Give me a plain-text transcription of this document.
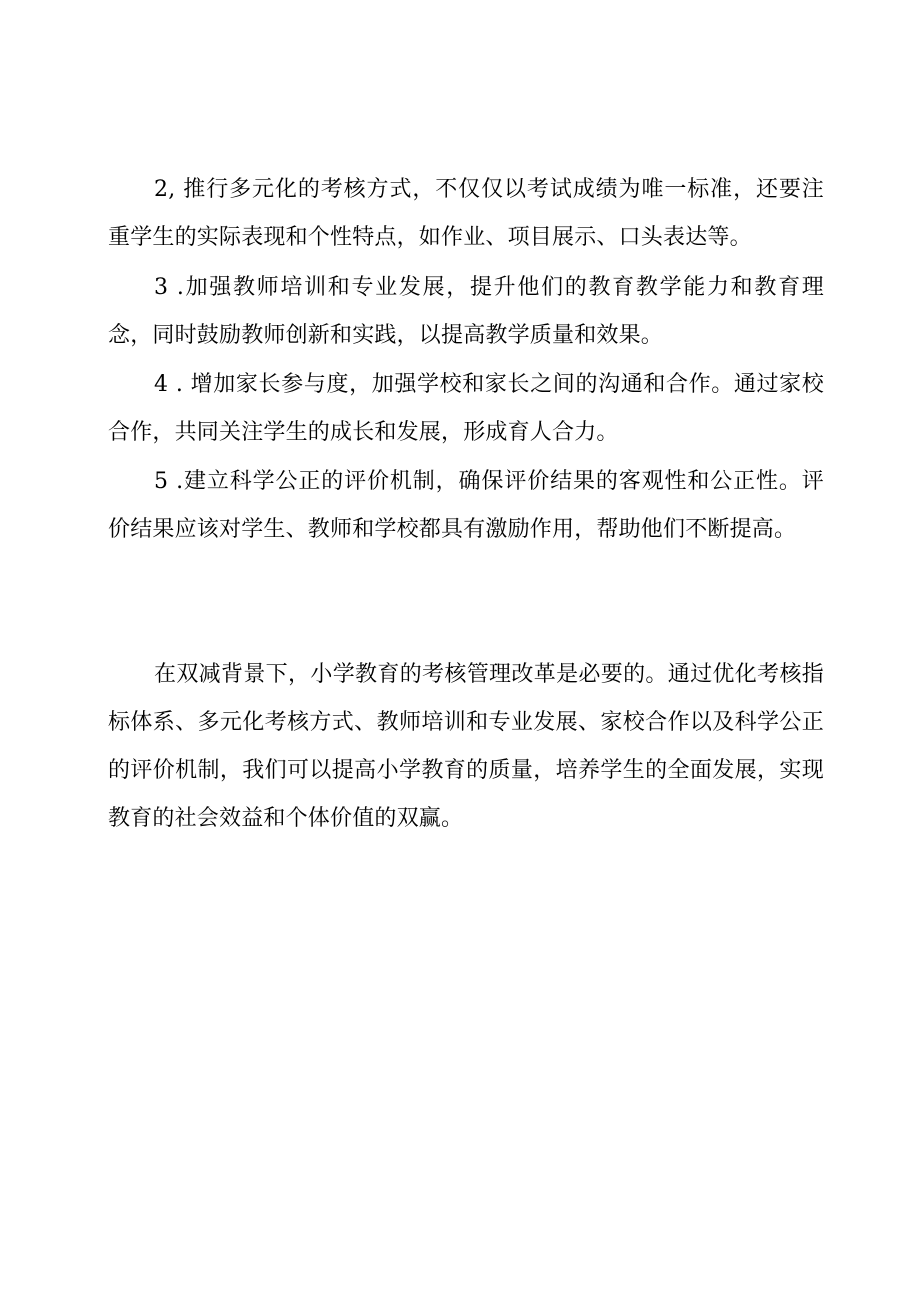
2, 推行多元化的考核方式，不仅仅以考试成绩为唯一标准，还要注重学生的实际表现和个性特点，如作业、项目展示、口头表达等。

3 .加强教师培训和专业发展，提升他们的教育教学能力和教育理念，同时鼓励教师创新和实践，以提高教学质量和效果。

4 . 增加家长参与度，加强学校和家长之间的沟通和合作。通过家校合作，共同关注学生的成长和发展，形成育人合力。

5 .建立科学公正的评价机制，确保评价结果的客观性和公正性。评价结果应该对学生、教师和学校都具有激励作用，帮助他们不断提高。

在双减背景下，小学教育的考核管理改革是必要的。通过优化考核指标体系、多元化考核方式、教师培训和专业发展、家校合作以及科学公正的评价机制，我们可以提高小学教育的质量，培养学生的全面发展，实现教育的社会效益和个体价值的双赢。
